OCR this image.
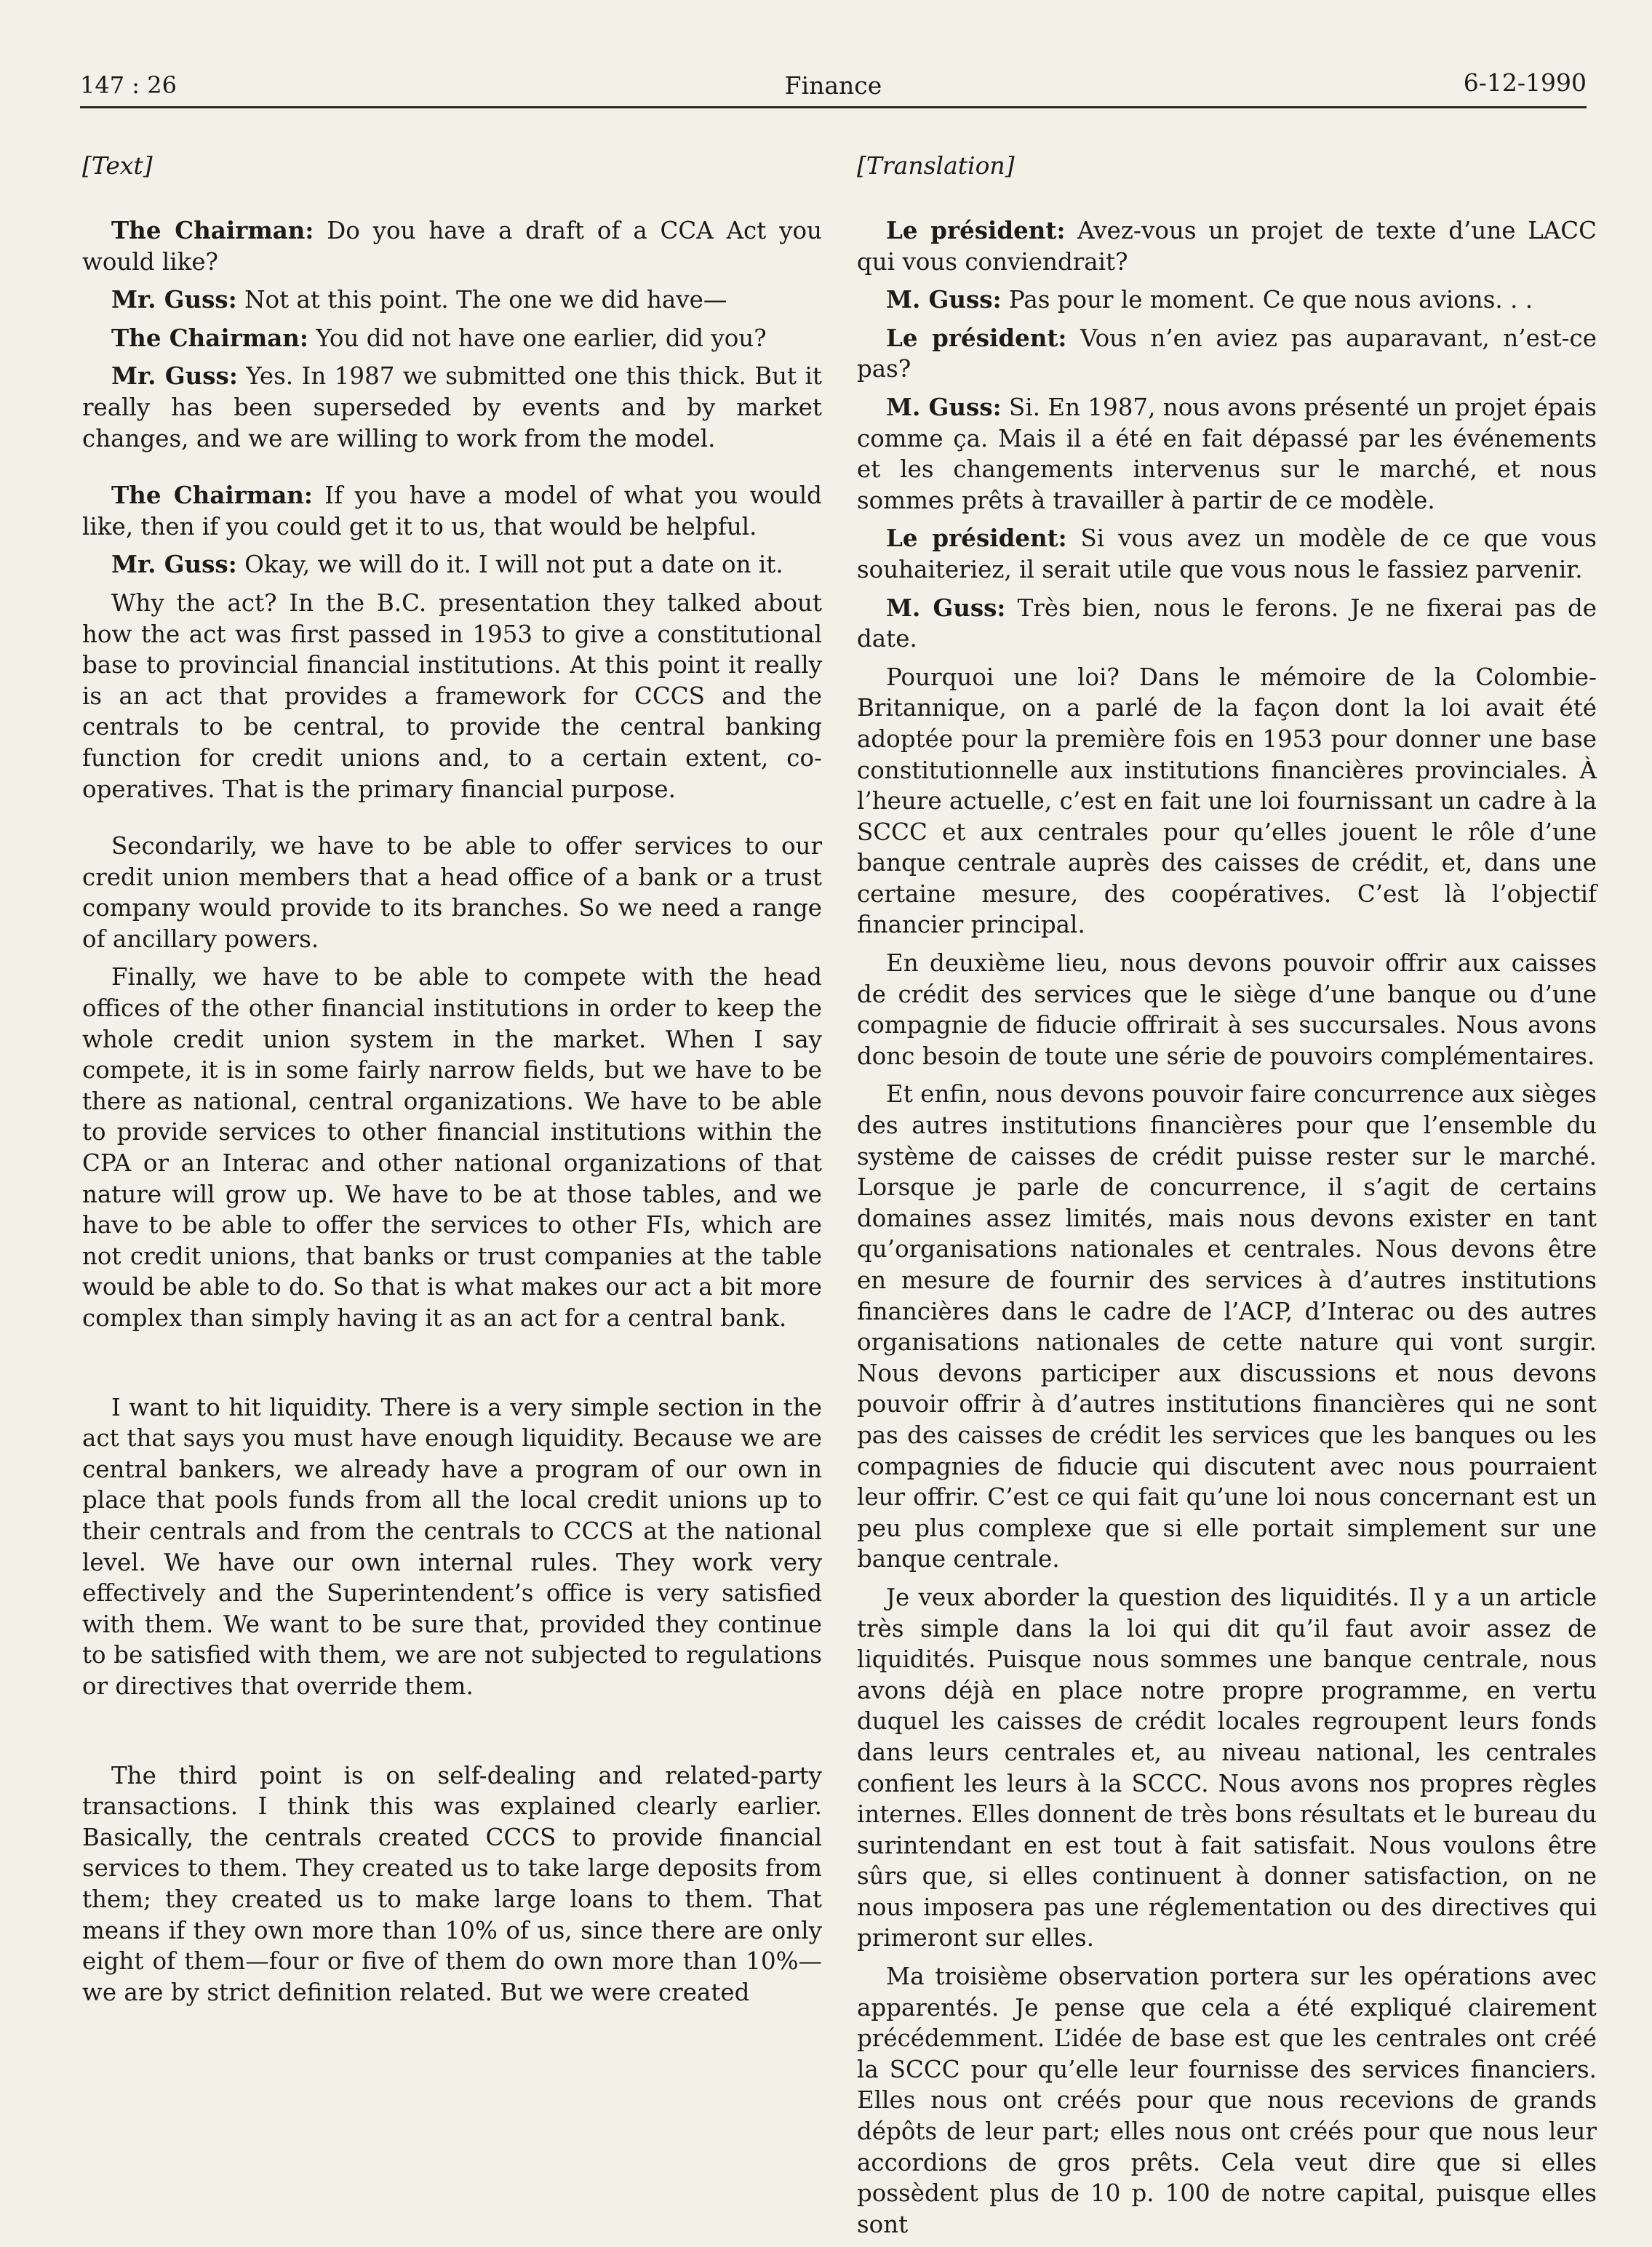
147 : 26	Finance	6-12-1990
[Text]

The Chairman: Do you have a draft of a CCA Act you would like?

Mr. Guss: Not at this point. The one we did have—

The Chairman: You did not have one earlier, did you?

Mr. Guss: Yes. In 1987 we submitted one this thick. But it really has been superseded by events and by market changes, and we are willing to work from the model.

The Chairman: If you have a model of what you would like, then if you could get it to us, that would be helpful.

Mr. Guss: Okay, we will do it. I will not put a date on it.

Why the act? In the B.C. presentation they talked about how the act was first passed in 1953 to give a constitutional base to provincial financial institutions. At this point it really is an act that provides a framework for CCCS and the centrals to be central, to provide the central banking function for credit unions and, to a certain extent, co-operatives. That is the primary financial purpose.

Secondarily, we have to be able to offer services to our credit union members that a head office of a bank or a trust company would provide to its branches. So we need a range of ancillary powers.

Finally, we have to be able to compete with the head offices of the other financial institutions in order to keep the whole credit union system in the market. When I say compete, it is in some fairly narrow fields, but we have to be there as national, central organizations. We have to be able to provide services to other financial institutions within the CPA or an Interac and other national organizations of that nature will grow up. We have to be at those tables, and we have to be able to offer the services to other FIs, which are not credit unions, that banks or trust companies at the table would be able to do. So that is what makes our act a bit more complex than simply having it as an act for a central bank.

I want to hit liquidity. There is a very simple section in the act that says you must have enough liquidity. Because we are central bankers, we already have a program of our own in place that pools funds from all the local credit unions up to their centrals and from the centrals to CCCS at the national level. We have our own internal rules. They work very effectively and the Superintendent’s office is very satisfied with them. We want to be sure that, provided they continue to be satisfied with them, we are not subjected to regulations or directives that override them.

The third point is on self-dealing and related-party transactions. I think this was explained clearly earlier. Basically, the centrals created CCCS to provide financial services to them. They created us to take large deposits from them; they created us to make large loans to them. That means if they own more than 10% of us, since there are only eight of them—four or five of them do own more than 10%—we are by strict definition related. But we were created

[Translation]

Le président: Avez-vous un projet de texte d’une LACC qui vous conviendrait?

M. Guss: Pas pour le moment. Ce que nous avions. . .

Le président: Vous n’en aviez pas auparavant, n’est-ce pas?

M. Guss: Si. En 1987, nous avons présenté un projet épais comme ça. Mais il a été en fait dépassé par les événements et les changements intervenus sur le marché, et nous sommes prêts à travailler à partir de ce modèle.

Le président: Si vous avez un modèle de ce que vous souhaiteriez, il serait utile que vous nous le fassiez parvenir.

M. Guss: Très bien, nous le ferons. Je ne fixerai pas de date.

Pourquoi une loi? Dans le mémoire de la Colombie-Britannique, on a parlé de la façon dont la loi avait été adoptée pour la première fois en 1953 pour donner une base constitutionnelle aux institutions financières provinciales. À l’heure actuelle, c’est en fait une loi fournissant un cadre à la SCCC et aux centrales pour qu’elles jouent le rôle d’une banque centrale auprès des caisses de crédit, et, dans une certaine mesure, des coopératives. C’est là l’objectif financier principal.

En deuxième lieu, nous devons pouvoir offrir aux caisses de crédit des services que le siège d’une banque ou d’une compagnie de fiducie offrirait à ses succursales. Nous avons donc besoin de toute une série de pouvoirs complémentaires.

Et enfin, nous devons pouvoir faire concurrence aux sièges des autres institutions financières pour que l’ensemble du système de caisses de crédit puisse rester sur le marché. Lorsque je parle de concurrence, il s’agit de certains domaines assez limités, mais nous devons exister en tant qu’organisations nationales et centrales. Nous devons être en mesure de fournir des services à d’autres institutions financières dans le cadre de l’ACP, d’Interac ou des autres organisations nationales de cette nature qui vont surgir. Nous devons participer aux discussions et nous devons pouvoir offrir à d’autres institutions financières qui ne sont pas des caisses de crédit les services que les banques ou les compagnies de fiducie qui discutent avec nous pourraient leur offrir. C’est ce qui fait qu’une loi nous concernant est un peu plus complexe que si elle portait simplement sur une banque centrale.

Je veux aborder la question des liquidités. Il y a un article très simple dans la loi qui dit qu’il faut avoir assez de liquidités. Puisque nous sommes une banque centrale, nous avons déjà en place notre propre programme, en vertu duquel les caisses de crédit locales regroupent leurs fonds dans leurs centrales et, au niveau national, les centrales confient les leurs à la SCCC. Nous avons nos propres règles internes. Elles donnent de très bons résultats et le bureau du surintendant en est tout à fait satisfait. Nous voulons être sûrs que, si elles continuent à donner satisfaction, on ne nous imposera pas une réglementation ou des directives qui primeront sur elles.

Ma troisième observation portera sur les opérations avec apparentés. Je pense que cela a été expliqué clairement précédemment. L’idée de base est que les centrales ont créé la SCCC pour qu’elle leur fournisse des services financiers. Elles nous ont créés pour que nous recevions de grands dépôts de leur part; elles nous ont créés pour que nous leur accordions de gros prêts. Cela veut dire que si elles possèdent plus de 10 p. 100 de notre capital, puisque elles sont
